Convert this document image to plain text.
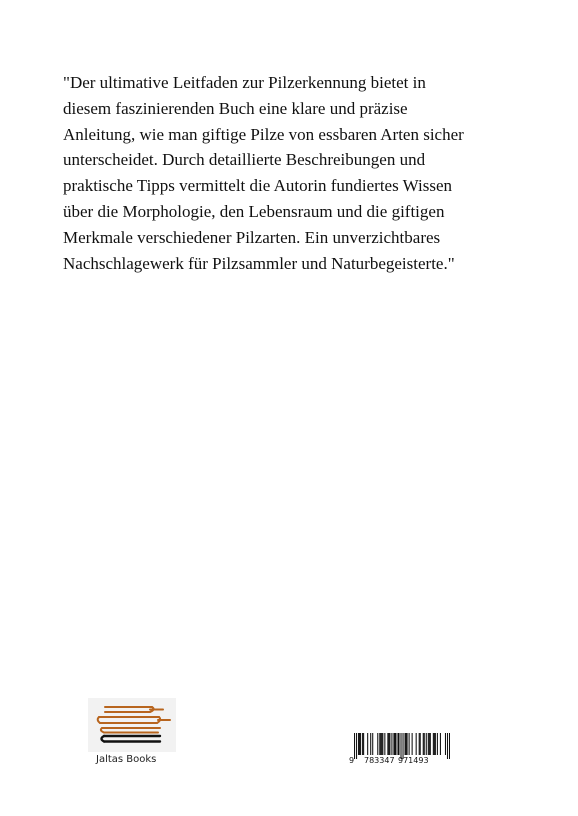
"Der ultimative Leitfaden zur Pilzerkennung bietet in
diesem faszinierenden Buch eine klare und präzise
Anleitung, wie man giftige Pilze von essbaren Arten sicher
unterscheidet. Durch detaillierte Beschreibungen und
praktische Tipps vermittelt die Autorin fundiertes Wissen
über die Morphologie, den Lebensraum und die giftigen
Merkmale verschiedener Pilzarten. Ein unverzichtbares
Nachschlagewerk für Pilzsammler und Naturbegeisterte."

Jaltas Books	9 783347 971493
